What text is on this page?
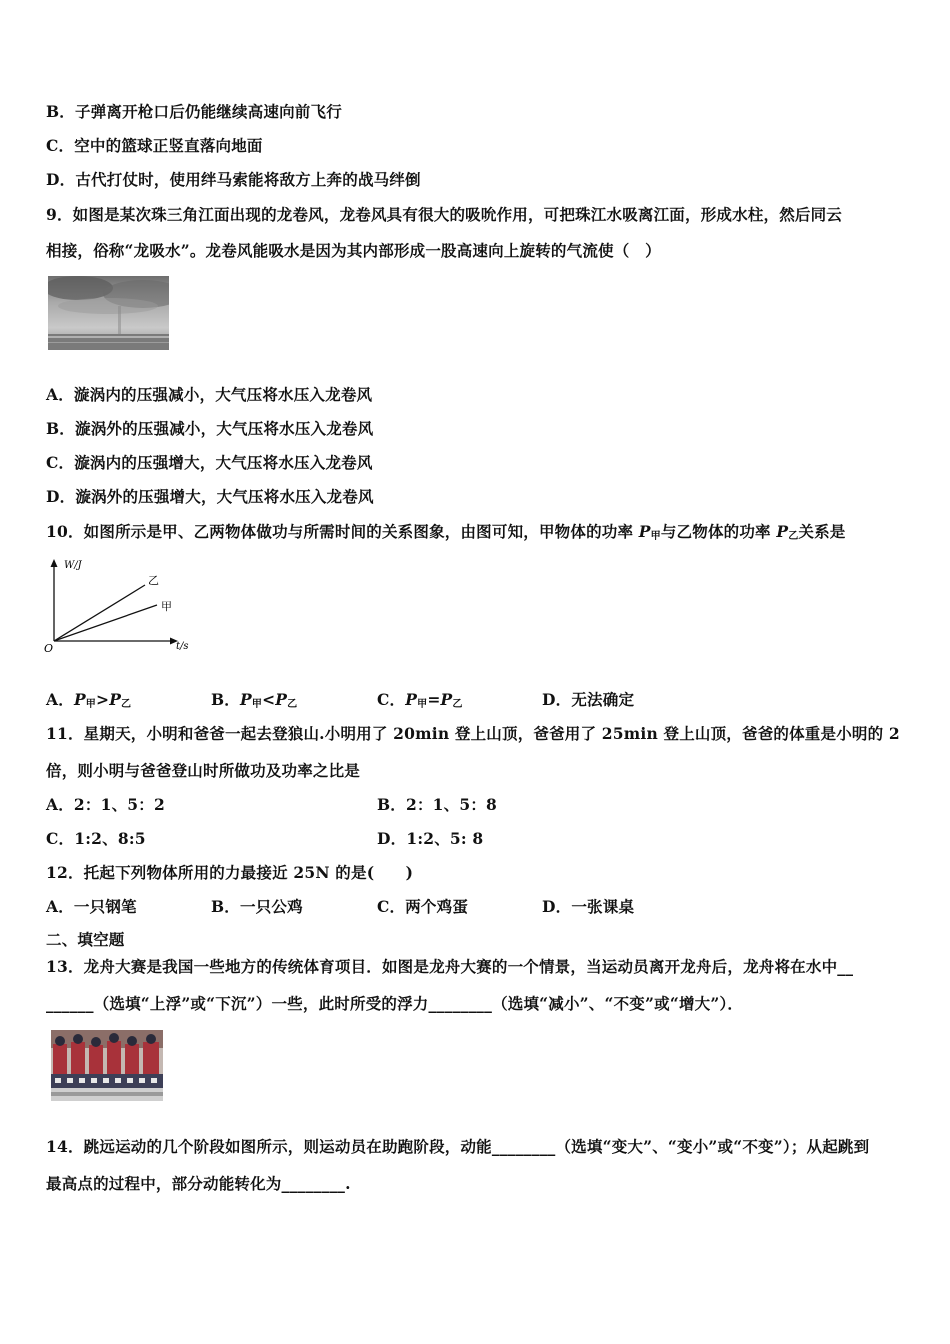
B．子弹离开枪口后仍能继续高速向前飞行
C．空中的篮球正竖直落向地面
D．古代打仗时，使用绊马索能将敌方上奔的战马绊倒
9．如图是某次珠三角江面出现的龙卷风，龙卷风具有很大的吸吮作用，可把珠江水吸离江面，形成水柱，然后同云
相接，俗称“龙吸水”。龙卷风能吸水是因为其内部形成一股高速向上旋转的气流使（　）
A．漩涡内的压强减小，大气压将水压入龙卷风
B．漩涡外的压强减小，大气压将水压入龙卷风
C．漩涡内的压强增大，大气压将水压入龙卷风
D．漩涡外的压强增大，大气压将水压入龙卷风
10．如图所示是甲、乙两物体做功与所需时间的关系图象，由图可知，甲物体的功率 $P_甲$与乙物体的功率 $P_乙$关系是
W/J
t/s
O
乙
甲
A．$P_甲>P_乙$	B．$P_甲<P_乙$	C．$P_甲=P_乙$	D．无法确定
11．星期天，小明和爸爸一起去登狼山.小明用了 20min 登上山顶，爸爸用了 25min 登上山顶，爸爸的体重是小明的 2
倍，则小明与爸爸登山时所做功及功率之比是
A．2：1、5：2	B．2：1、5：8
C．1:2、8:5	D．1:2、5: 8
12．托起下列物体所用的力最接近 25N 的是(　　)
A．一只钢笔	B．一只公鸡	C．两个鸡蛋	D．一张课桌
二、填空题
13．龙舟大赛是我国一些地方的传统体育项目．如图是龙舟大赛的一个情景，当运动员离开龙舟后，龙舟将在水中__
______（选填“上浮”或“下沉”）一些，此时所受的浮力________（选填“减小”、“不变”或“增大”）．
14．跳远运动的几个阶段如图所示，则运动员在助跑阶段，动能________（选填“变大”、“变小”或“不变”）；从起跳到
最高点的过程中，部分动能转化为________.
